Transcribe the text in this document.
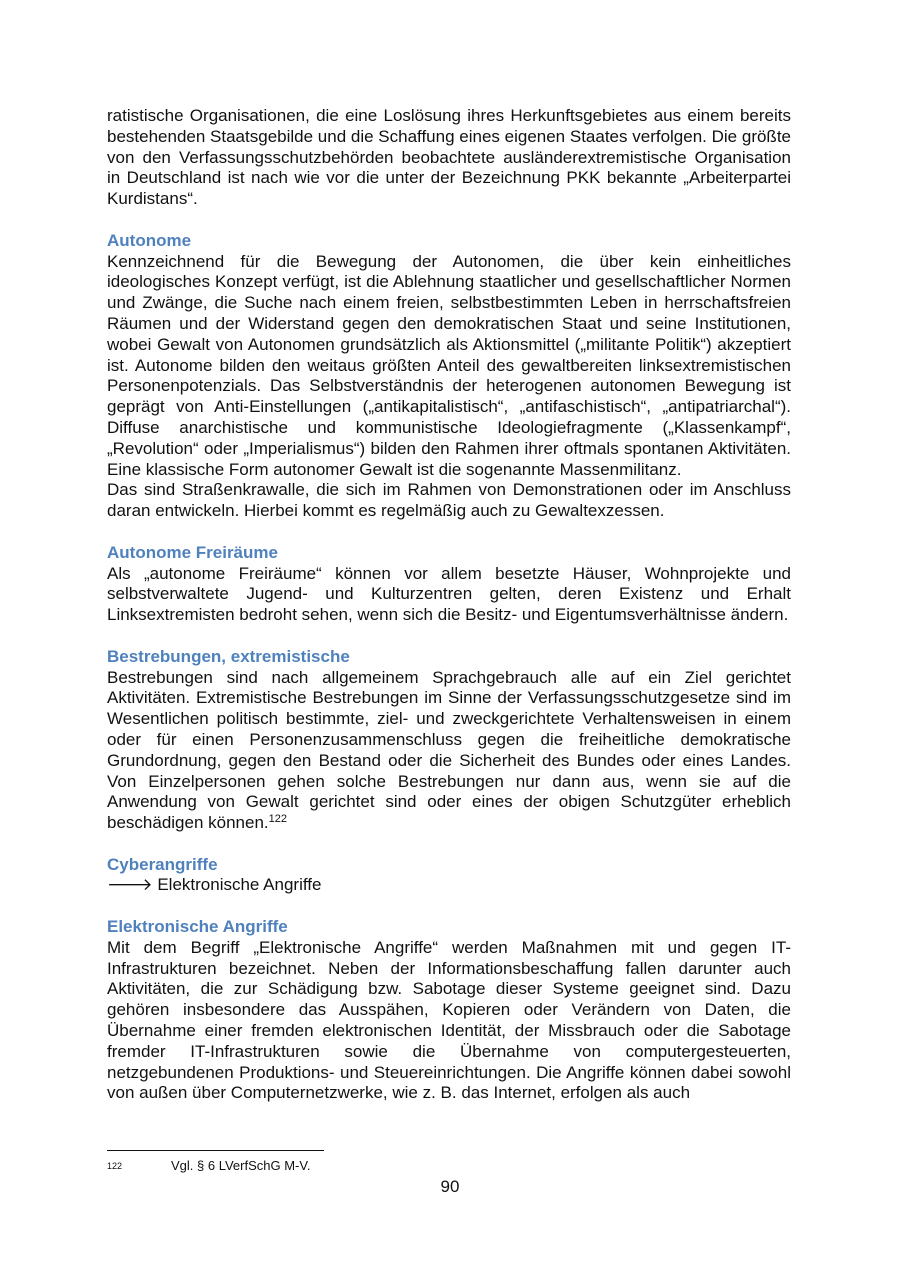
ratistische Organisationen, die eine Loslösung ihres Herkunftsgebietes aus einem bereits bestehenden Staatsgebilde und die Schaffung eines eigenen Staates verfolgen. Die größte von den Verfassungsschutzbehörden beobachtete ausländerextremistische Organisation in Deutschland ist nach wie vor die unter der Bezeichnung PKK bekannte „Arbeiterpartei Kurdistans“.

Autonome

Kennzeichnend für die Bewegung der Autonomen, die über kein einheitliches ideologisches Konzept verfügt, ist die Ablehnung staatlicher und gesellschaftlicher Normen und Zwänge, die Suche nach einem freien, selbstbestimmten Leben in herrschaftsfreien Räumen und der Widerstand gegen den demokratischen Staat und seine Institutionen, wobei Gewalt von Autonomen grundsätzlich als Aktionsmittel („militante Politik“) akzeptiert ist. Autonome bilden den weitaus größten Anteil des gewaltbereiten linksextremistischen Personenpotenzials. Das Selbstverständnis der heterogenen autonomen Bewegung ist geprägt von Anti-Einstellungen („antikapitalistisch“, „antifaschistisch“, „antipatriarchal“). Diffuse anarchistische und kommunistische Ideologiefragmente („Klassenkampf“, „Revolution“ oder „Imperialismus“) bilden den Rahmen ihrer oftmals spontanen Aktivitäten. Eine klassische Form autonomer Gewalt ist die sogenannte Massenmilitanz.

Das sind Straßenkrawalle, die sich im Rahmen von Demonstrationen oder im Anschluss daran entwickeln. Hierbei kommt es regelmäßig auch zu Gewaltexzessen.

Autonome Freiräume

Als „autonome Freiräume“ können vor allem besetzte Häuser, Wohnprojekte und selbstverwaltete Jugend- und Kulturzentren gelten, deren Existenz und Erhalt Linksextremisten bedroht sehen, wenn sich die Besitz- und Eigentumsverhältnisse ändern.

Bestrebungen, extremistische

Bestrebungen sind nach allgemeinem Sprachgebrauch alle auf ein Ziel gerichtet Aktivitäten. Extremistische Bestrebungen im Sinne der Verfassungsschutzgesetze sind im Wesentlichen politisch bestimmte, ziel- und zweckgerichtete Verhaltensweisen in einem oder für einen Personenzusammenschluss gegen die freiheitliche demokratische Grundordnung, gegen den Bestand oder die Sicherheit des Bundes oder eines Landes. Von Einzelpersonen gehen solche Bestrebungen nur dann aus, wenn sie auf die Anwendung von Gewalt gerichtet sind oder eines der obigen Schutzgüter erheblich beschädigen können.$^{122}$

Cyberangriffe

🡒 Elektronische Angriffe

Elektronische Angriffe

Mit dem Begriff „Elektronische Angriffe“ werden Maßnahmen mit und gegen IT-Infrastrukturen bezeichnet. Neben der Informationsbeschaffung fallen darunter auch Aktivitäten, die zur Schädigung bzw. Sabotage dieser Systeme geeignet sind. Dazu gehören insbesondere das Ausspähen, Kopieren oder Verändern von Daten, die Übernahme einer fremden elektronischen Identität, der Missbrauch oder die Sabotage fremder IT-Infrastrukturen sowie die Übernahme von computergesteuerten, netzgebundenen Produktions- und Steuereinrichtungen. Die Angriffe können dabei sowohl von außen über Computernetzwerke, wie z. B. das Internet, erfolgen als auch

122	Vgl. § 6 LVerfSchG M-V.
90
